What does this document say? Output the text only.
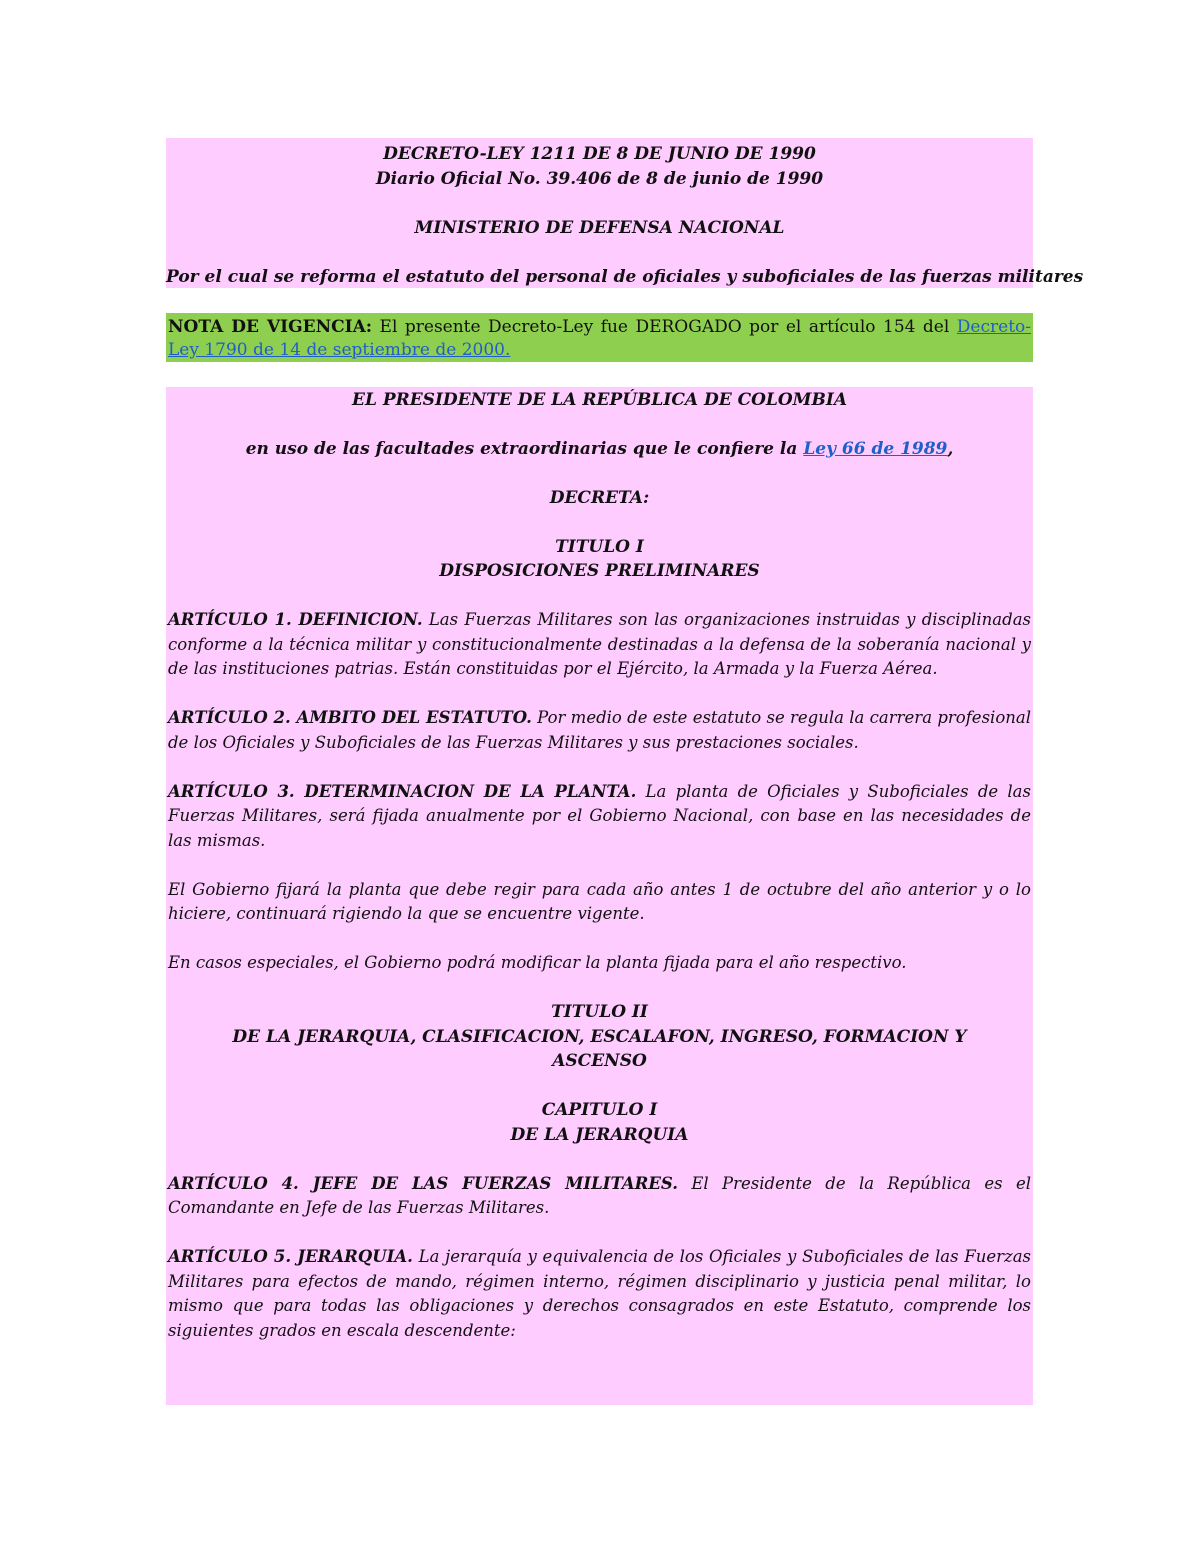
DECRETO-LEY 1211 DE 8 DE JUNIO DE 1990

Diario Oficial No. 39.406 de 8 de junio de 1990

MINISTERIO DE DEFENSA NACIONAL

Por el cual se reforma el estatuto del personal de oficiales y suboficiales de las fuerzas militares

NOTA DE VIGENCIA: El presente Decreto-Ley fue DEROGADO por el artículo 154 del Decreto-Ley 1790 de 14 de septiembre de 2000.

EL PRESIDENTE DE LA REPÚBLICA DE COLOMBIA

en uso de las facultades extraordinarias que le confiere la Ley 66 de 1989,

DECRETA:

TITULO I

DISPOSICIONES PRELIMINARES

ARTÍCULO 1. DEFINICION. Las Fuerzas Militares son las organizaciones instruidas y disciplinadas conforme a la técnica militar y constitucionalmente destinadas a la defensa de la soberanía nacional y de las instituciones patrias. Están constituidas por el Ejército, la Armada y la Fuerza Aérea.

ARTÍCULO 2. AMBITO DEL ESTATUTO. Por medio de este estatuto se regula la carrera profesional de los Oficiales y Suboficiales de las Fuerzas Militares y sus prestaciones sociales.

ARTÍCULO 3. DETERMINACION DE LA PLANTA. La planta de Oficiales y Suboficiales de las Fuerzas Militares, será fijada anualmente por el Gobierno Nacional, con base en las necesidades de las mismas.

El Gobierno fijará la planta que debe regir para cada año antes 1 de octubre del año anterior y o lo hiciere, continuará rigiendo la que se encuentre vigente.

En casos especiales, el Gobierno podrá modificar la planta fijada para el año respectivo.

TITULO II

DE LA JERARQUIA, CLASIFICACION, ESCALAFON, INGRESO, FORMACION Y ASCENSO

CAPITULO I

DE LA JERARQUIA

ARTÍCULO 4. JEFE DE LAS FUERZAS MILITARES. El Presidente de la República es el Comandante en Jefe de las Fuerzas Militares.

ARTÍCULO 5. JERARQUIA. La jerarquía y equivalencia de los Oficiales y Suboficiales de las Fuerzas Militares para efectos de mando, régimen interno, régimen disciplinario y justicia penal militar, lo mismo que para todas las obligaciones y derechos consagrados en este Estatuto, comprende los siguientes grados en escala descendente:
